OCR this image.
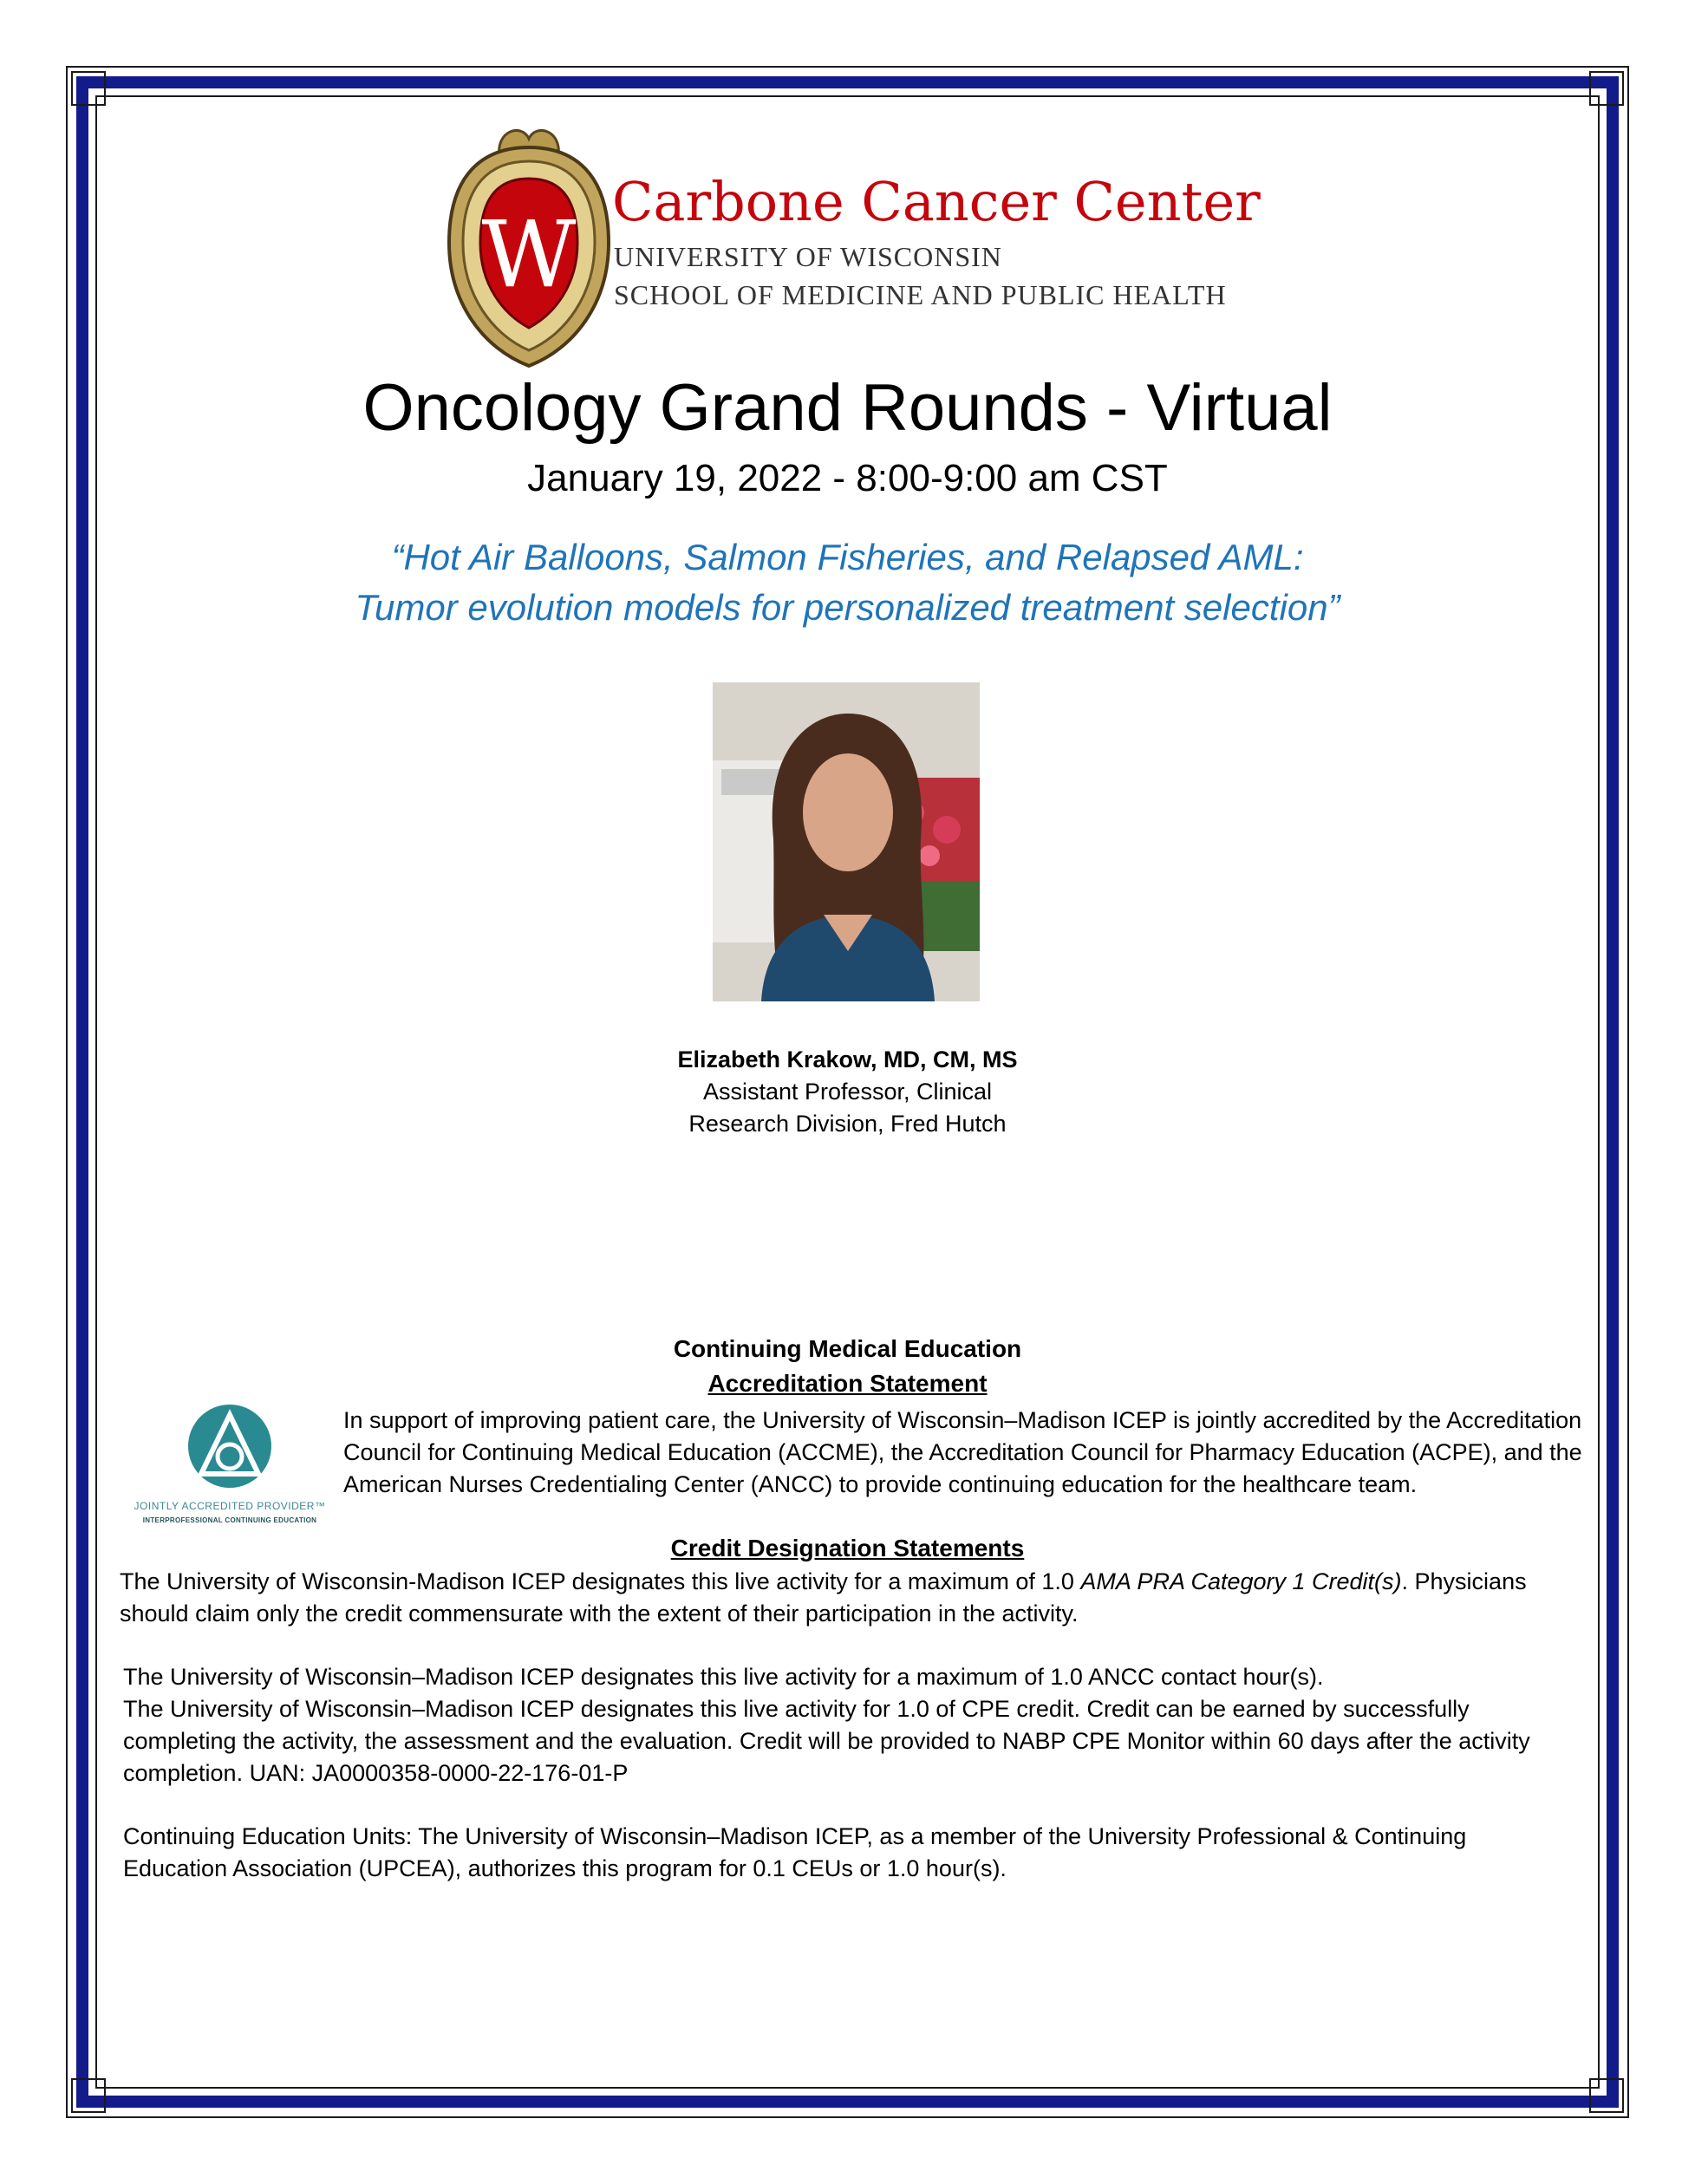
W Carbone Cancer Center
UNIVERSITY OF WISCONSIN
SCHOOL OF MEDICINE AND PUBLIC HEALTH
Oncology Grand Rounds - Virtual
January 19, 2022 - 8:00-9:00 am CST
“Hot Air Balloons, Salmon Fisheries, and Relapsed AML:
Tumor evolution models for personalized treatment selection”
Elizabeth Krakow, MD, CM, MS
Assistant Professor, Clinical
Research Division, Fred Hutch
Continuing Medical Education
Accreditation Statement
JOINTLY ACCREDITED PROVIDER™
INTERPROFESSIONAL CONTINUING EDUCATION
In support of improving patient care, the University of Wisconsin–Madison ICEP is jointly accredited by the Accreditation
Council for Continuing Medical Education (ACCME), the Accreditation Council for Pharmacy Education (ACPE), and the
American Nurses Credentialing Center (ANCC) to provide continuing education for the healthcare team.
Credit Designation Statements
The University of Wisconsin-Madison ICEP designates this live activity for a maximum of 1.0 AMA PRA Category 1 Credit(s). Physicians
should claim only the credit commensurate with the extent of their participation in the activity.
The University of Wisconsin–Madison ICEP designates this live activity for a maximum of 1.0 ANCC contact hour(s).
The University of Wisconsin–Madison ICEP designates this live activity for 1.0 of CPE credit. Credit can be earned by successfully
completing the activity, the assessment and the evaluation. Credit will be provided to NABP CPE Monitor within 60 days after the activity
completion. UAN: JA0000358-0000-22-176-01-P
Continuing Education Units: The University of Wisconsin–Madison ICEP, as a member of the University Professional & Continuing
Education Association (UPCEA), authorizes this program for 0.1 CEUs or 1.0 hour(s).
